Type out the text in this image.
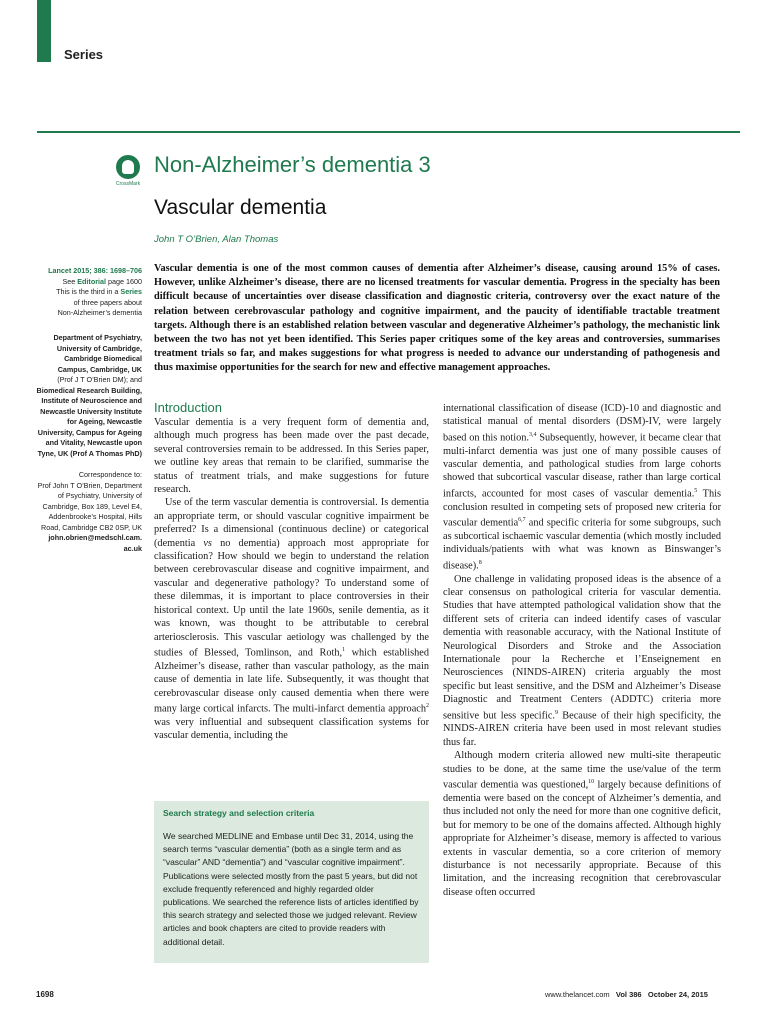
Series
CrossMark
Non-Alzheimer’s dementia 3
Vascular dementia
John T O’Brien, Alan Thomas

Lancet 2015; 386: 1698–706

See Editorial page 1600

This is the third in a Series

of three papers about

Non-Alzheimer’s dementia

Department of Psychiatry,

University of Cambridge,

Cambridge Biomedical

Campus, Cambridge, UK

(Prof J T O’Brien DM); and

Biomedical Research Building,

Institute of Neuroscience and

Newcastle University Institute

for Ageing, Newcastle

University, Campus for Ageing

and Vitality, Newcastle upon

Tyne, UK (Prof A Thomas PhD)

Correspondence to:

Prof John T O’Brien, Department

of Psychiatry, University of

Cambridge, Box 189, Level E4,

Addenbrooke’s Hospital, Hills

Road, Cambridge CB2 0SP, UK

john.obrien@medschl.cam.

ac.uk

Vascular dementia is one of the most common causes of dementia after Alzheimer’s disease, causing around 15% of cases. However, unlike Alzheimer’s disease, there are no licensed treatments for vascular dementia. Progress in the specialty has been difficult because of uncertainties over disease classification and diagnostic criteria, controversy over the exact nature of the relation between cerebrovascular pathology and cognitive impairment, and the paucity of identifiable tractable treatment targets. Although there is an established relation between vascular and degenerative Alzheimer’s pathology, the mechanistic link between the two has not yet been identified. This Series paper critiques some of the key areas and controversies, summarises treatment trials so far, and makes suggestions for what progress is needed to advance our understanding of pathogenesis and thus maximise opportunities for the search for new and effective management approaches.

Introduction

Vascular dementia is a very frequent form of dementia and, although much progress has been made over the past decade, several controversies remain to be addressed. In this Series paper, we outline key areas that remain to be clarified, summarise the status of treatment trials, and make suggestions for future research.

Use of the term vascular dementia is controversial. Is dementia an appropriate term, or should vascular cognitive impairment be preferred? Is a dimensional (continuous decline) or categorical (dementia vs no dementia) approach most appropriate for classification? How should we begin to understand the relation between cerebrovascular disease and cognitive impairment, and vascular and degenerative pathology? To understand some of these dilemmas, it is important to place controversies in their historical context. Up until the late 1960s, senile dementia, as it was known, was thought to be attributable to cerebral arteriosclerosis. This vascular aetiology was challenged by the studies of Blessed, Tomlinson, and Roth,$^1$ which established Alzheimer’s disease, rather than vascular pathology, as the main cause of dementia in late life. Subsequently, it was thought that cerebrovascular disease only caused dementia when there were many large cortical infarcts. The multi-infarct dementia approach$^2$ was very influential and subsequent classification systems for vascular dementia, including the

Search strategy and selection criteria

We searched MEDLINE and Embase until Dec 31, 2014, using the search terms “vascular dementia” (both as a single term and as “vascular” AND “dementia”) and “vascular cognitive impairment”. Publications were selected mostly from the past 5 years, but did not exclude frequently referenced and highly regarded older publications. We searched the reference lists of articles identified by this search strategy and selected those we judged relevant. Review articles and book chapters are cited to provide readers with additional detail.

international classification of disease (ICD)-10 and diagnostic and statistical manual of mental disorders (DSM)-IV, were largely based on this notion.$^{3,4}$ Subsequently, however, it became clear that multi-infarct dementia was just one of many possible causes of vascular dementia, and pathological studies from large cohorts showed that subcortical vascular disease, rather than large cortical infarcts, accounted for most cases of vascular dementia.$^5$ This conclusion resulted in competing sets of proposed new criteria for vascular dementia$^{6,7}$ and specific criteria for some subgroups, such as subcortical ischaemic vascular dementia (which mostly included individuals/patients with what was known as Binswanger’s disease).$^8$

One challenge in validating proposed ideas is the absence of a clear consensus on pathological criteria for vascular dementia. Studies that have attempted pathological validation show that the different sets of criteria can indeed identify cases of vascular dementia with reasonable accuracy, with the National Institute of Neurological Disorders and Stroke and the Association Internationale pour la Recherche et l’Enseignement en Neurosciences (NINDS-AIREN) criteria arguably the most specific but least sensitive, and the DSM and Alzheimer’s Disease Diagnostic and Treatment Centers (ADDTC) criteria more sensitive but less specific.$^9$ Because of their high specificity, the NINDS-AIREN criteria have been used in most relevant studies thus far.

Although modern criteria allowed new multi-site therapeutic studies to be done, at the same time the use/value of the term vascular dementia was questioned,$^{10}$ largely because definitions of dementia were based on the concept of Alzheimer’s dementia, and thus included not only the need for more than one cognitive deficit, but for memory to be one of the domains affected. Although highly appropriate for Alzheimer’s disease, memory is affected to various extents in vascular dementia, so a core criterion of memory disturbance is not necessarily appropriate. Because of this limitation, and the increasing recognition that cerebrovascular disease often occurred

1698	www.thelancet.com Vol 386 October 24, 2015
